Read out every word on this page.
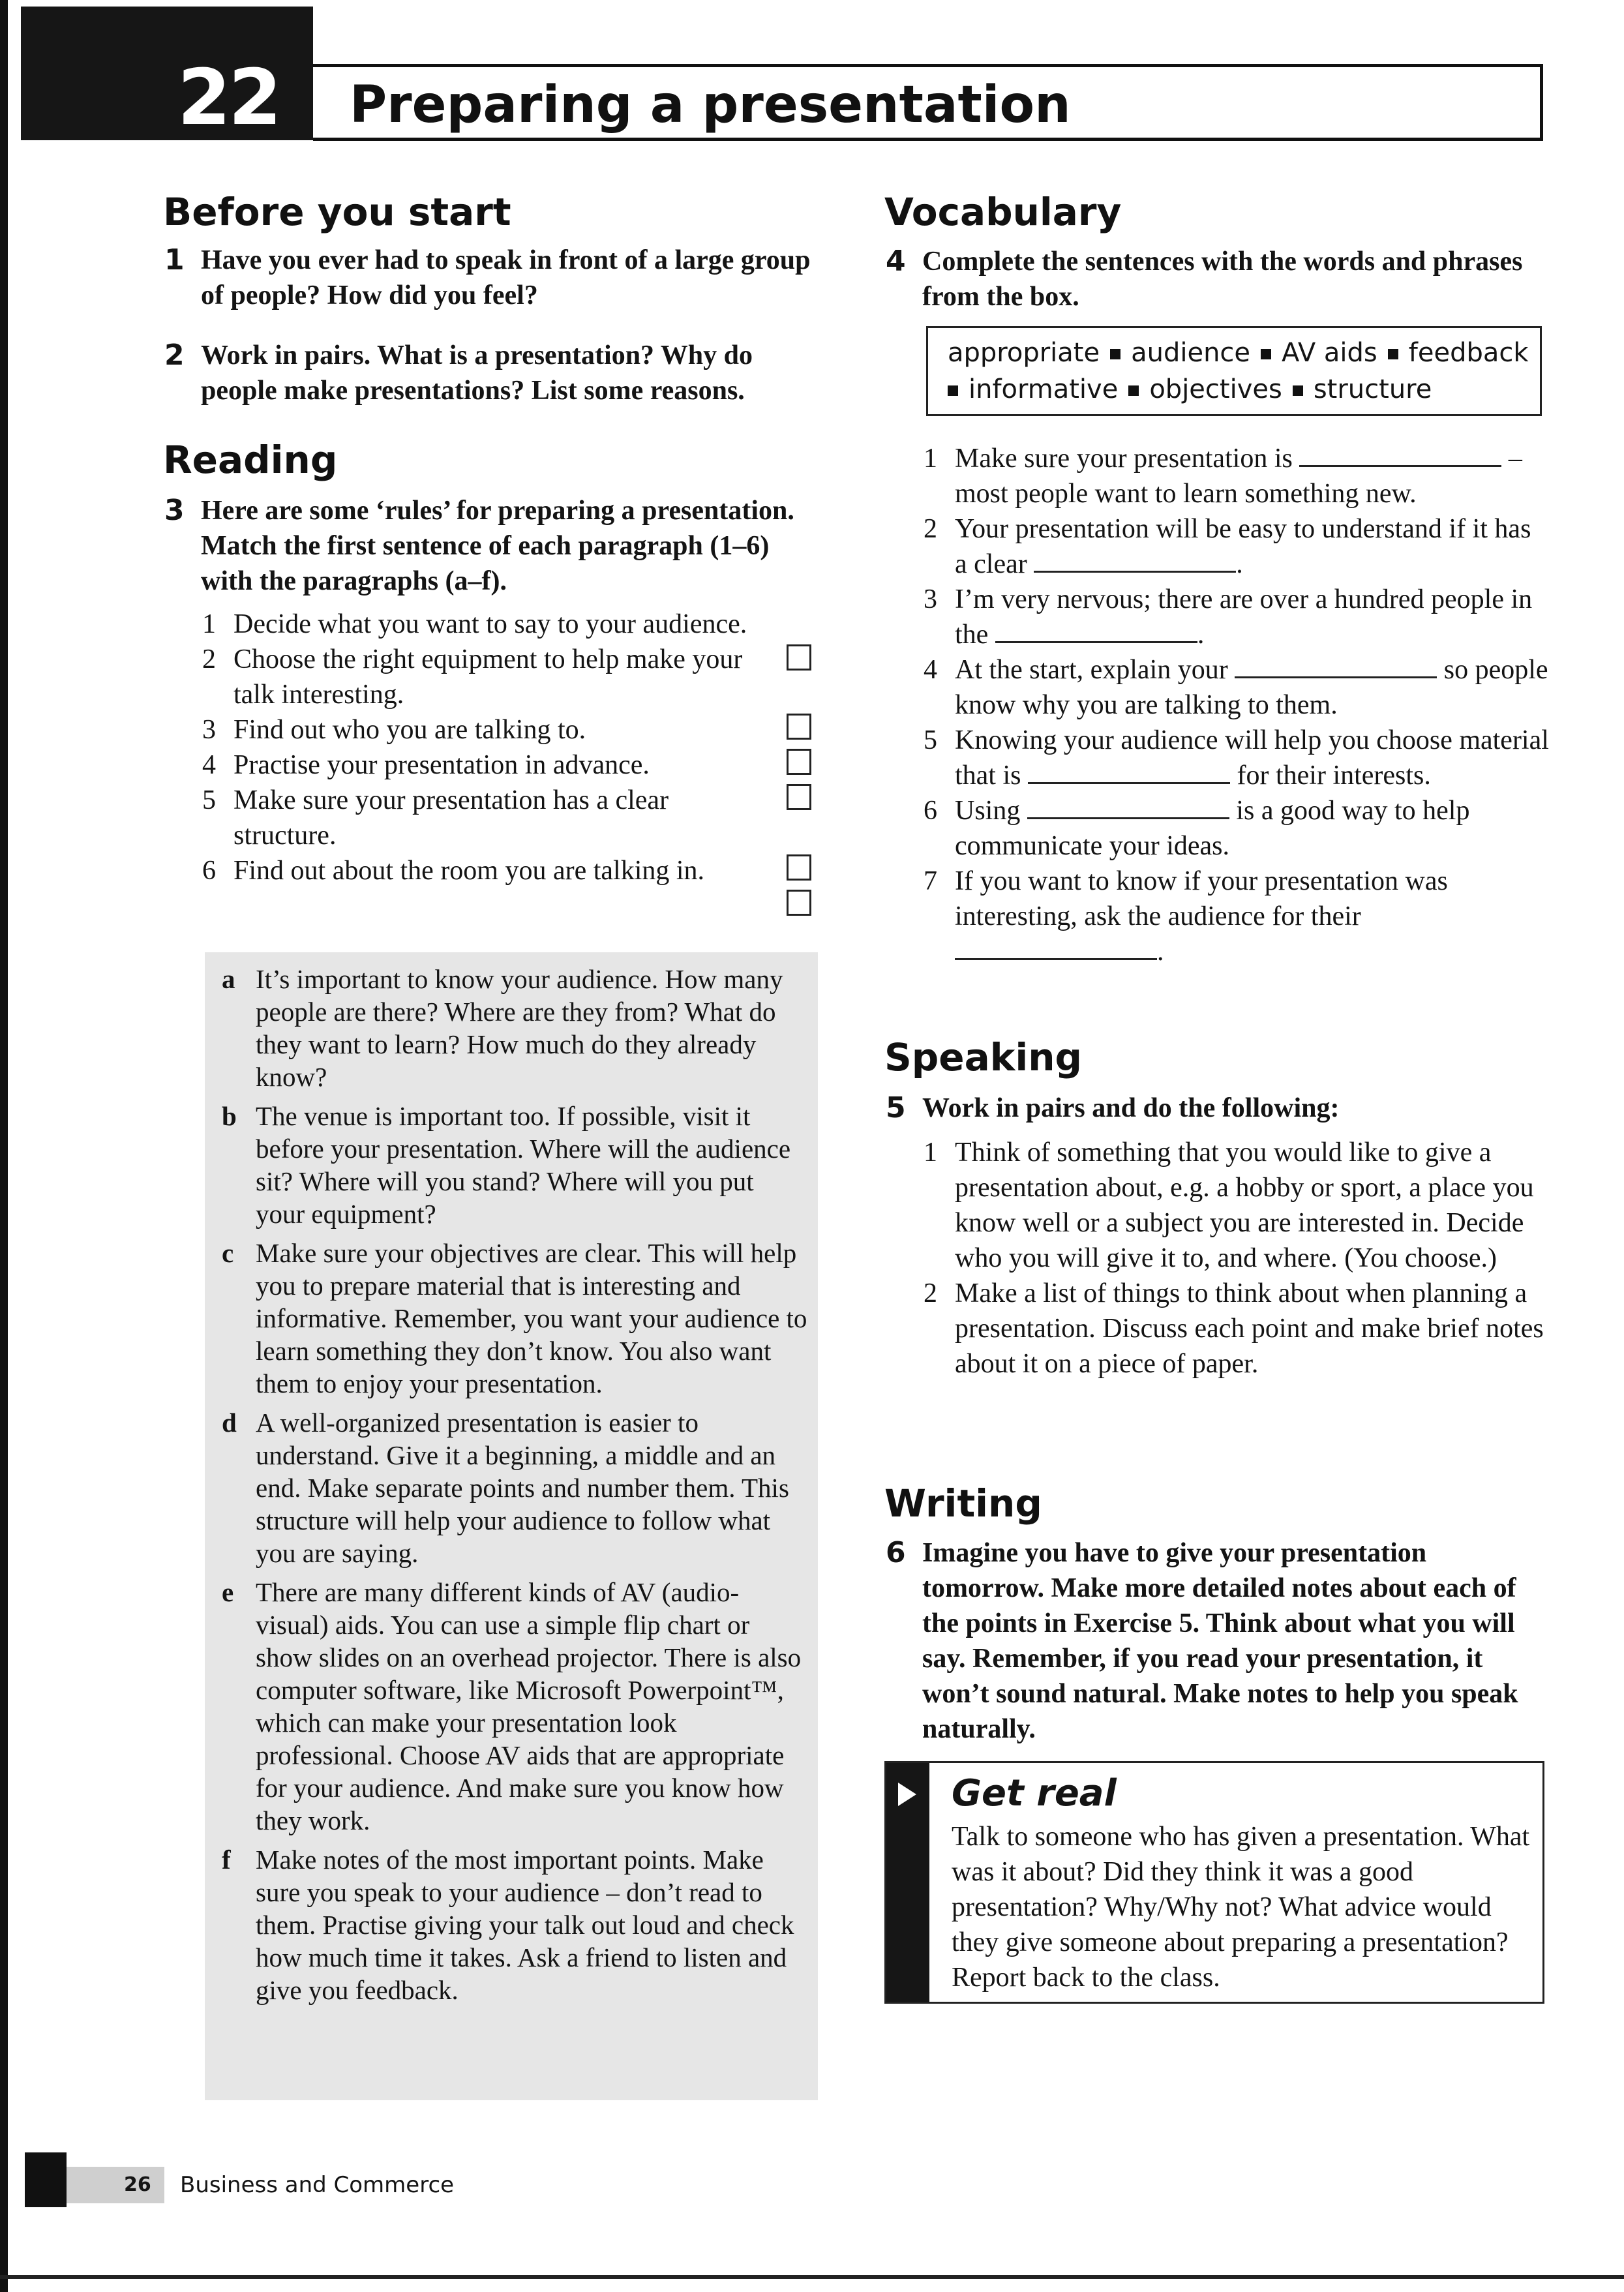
22 Preparing a presentation
Before you start
1 Have you ever had to speak in front of a large group of people? How did you feel?
2 Work in pairs. What is a presentation? Why do people make presentations? List some reasons.
Reading
3 Here are some ‘rules’ for preparing a presentation. Match the first sentence of each paragraph (1–6) with the paragraphs (a–f).
1 Decide what you want to say to your audience.
2 Choose the right equipment to help make your talk interesting.
3 Find out who you are talking to.
4 Practise your presentation in advance.
5 Make sure your presentation has a clear structure.
6 Find out about the room you are talking in.
a It’s important to know your audience. How many people are there? Where are they from? What do they want to learn? How much do they already know?
b The venue is important too. If possible, visit it before your presentation. Where will the audience sit? Where will you stand? Where will you put your equipment?
c Make sure your objectives are clear. This will help you to prepare material that is interesting and informative. Remember, you want your audience to learn something they don’t know. You also want them to enjoy your presentation.
d A well-organized presentation is easier to understand. Give it a beginning, a middle and an end. Make separate points and number them. This structure will help your audience to follow what you are saying.
e There are many different kinds of AV (audio-visual) aids. You can use a simple flip chart or show slides on an overhead projector. There is also computer software, like Microsoft Powerpoint™, which can make your presentation look professional. Choose AV aids that are appropriate for your audience. And make sure you know how they work.
f Make notes of the most important points. Make sure you speak to your audience – don’t read to them. Practise giving your talk out loud and check how much time it takes. Ask a friend to listen and give you feedback.
Vocabulary
4 Complete the sentences with the words and phrases from the box.
appropriate audience AV aids feedback
informative objectives structure
1 Make sure your presentation is	– most people want to learn something new.
2 Your presentation will be easy to understand if it has a clear	.
3 I’m very nervous; there are over a hundred people in the	.
4 At the start, explain your	so people know why you are talking to them.
5 Knowing your audience will help you choose material that is	for their interests.
6 Using	is a good way to help communicate your ideas.
7 If you want to know if your presentation was interesting, ask the audience for their .
Speaking
5 Work in pairs and do the following:
1 Think of something that you would like to give a presentation about, e.g. a hobby or sport, a place you know well or a subject you are interested in. Decide who you will give it to, and where. (You choose.)
2 Make a list of things to think about when planning a presentation. Discuss each point and make brief notes about it on a piece of paper.
Writing
6 Imagine you have to give your presentation tomorrow. Make more detailed notes about each of the points in Exercise 5. Think about what you will say. Remember, if you read your presentation, it won’t sound natural. Make notes to help you speak naturally.
Get real
Talk to someone who has given a presentation. What was it about? Did they think it was a good presentation? Why/Why not? What advice would they give someone about preparing a presentation? Report back to the class.
26 Business and Commerce
